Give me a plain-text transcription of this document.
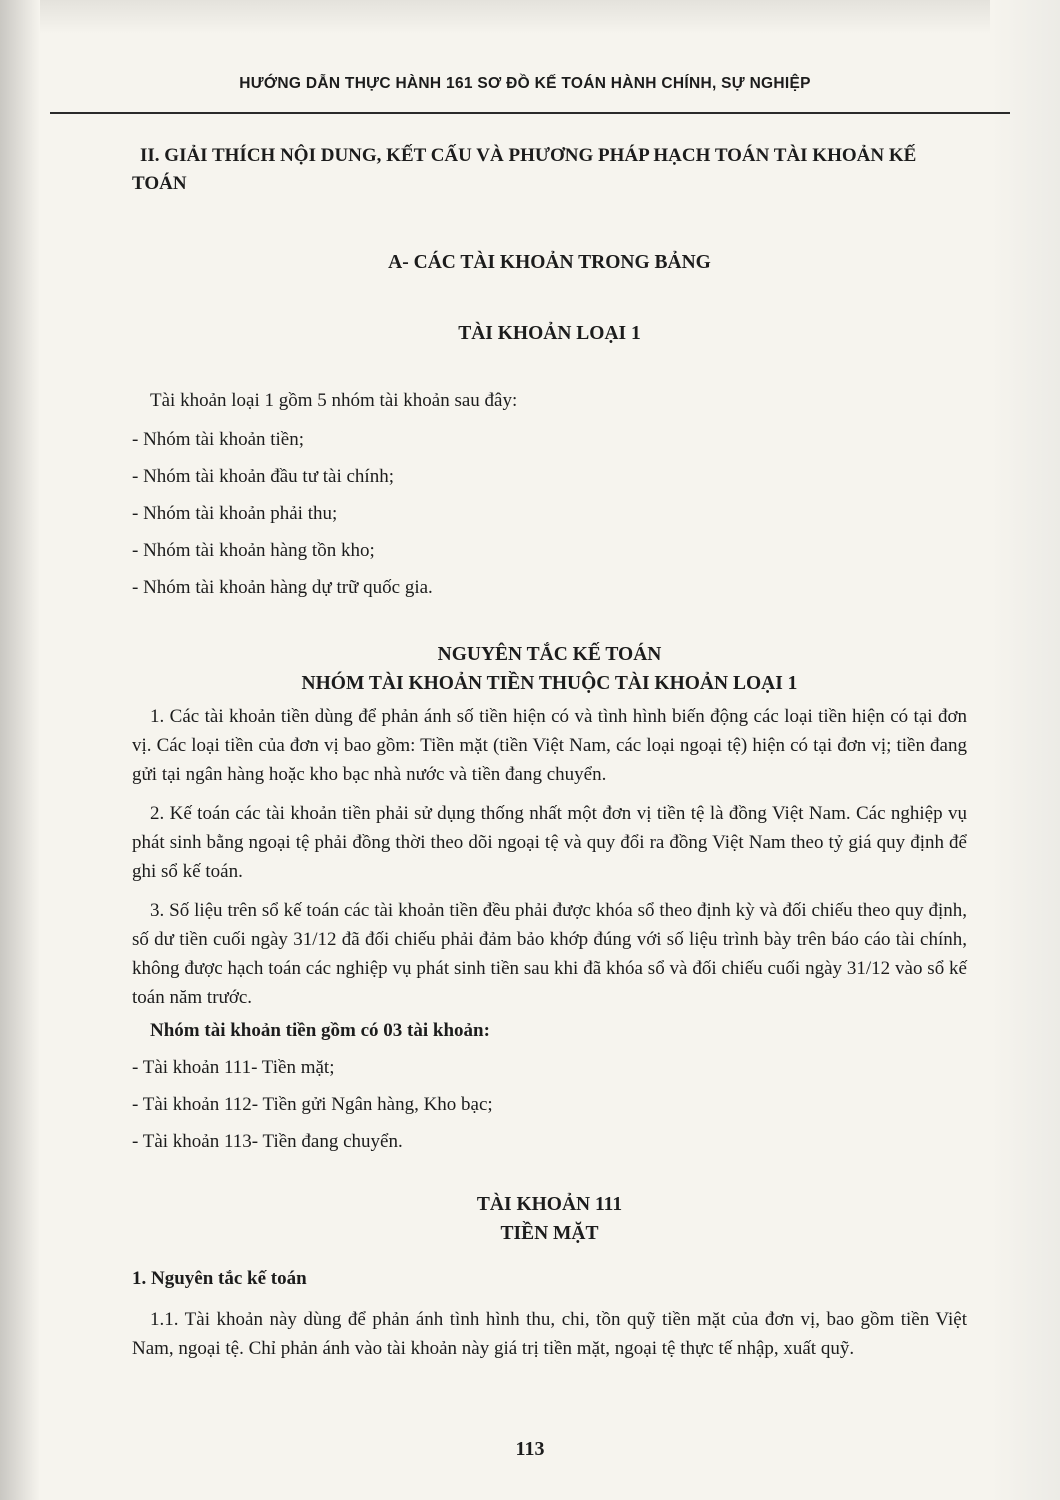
HƯỚNG DẪN THỰC HÀNH 161 SƠ ĐỒ KẾ TOÁN HÀNH CHÍNH, SỰ NGHIỆP

II. GIẢI THÍCH NỘI DUNG, KẾT CẤU VÀ PHƯƠNG PHÁP HẠCH TOÁN TÀI KHOẢN KẾ TOÁN

A- CÁC TÀI KHOẢN TRONG BẢNG

TÀI KHOẢN LOẠI 1

Tài khoản loại 1 gồm 5 nhóm tài khoản sau đây:

- Nhóm tài khoản tiền;

- Nhóm tài khoản đầu tư tài chính;

- Nhóm tài khoản phải thu;

- Nhóm tài khoản hàng tồn kho;

- Nhóm tài khoản hàng dự trữ quốc gia.

NGUYÊN TẮC KẾ TOÁN

NHÓM TÀI KHOẢN TIỀN THUỘC TÀI KHOẢN LOẠI 1

1. Các tài khoản tiền dùng để phản ánh số tiền hiện có và tình hình biến động các loại tiền hiện có tại đơn vị. Các loại tiền của đơn vị bao gồm: Tiền mặt (tiền Việt Nam, các loại ngoại tệ) hiện có tại đơn vị; tiền đang gửi tại ngân hàng hoặc kho bạc nhà nước và tiền đang chuyển.

2. Kế toán các tài khoản tiền phải sử dụng thống nhất một đơn vị tiền tệ là đồng Việt Nam. Các nghiệp vụ phát sinh bằng ngoại tệ phải đồng thời theo dõi ngoại tệ và quy đổi ra đồng Việt Nam theo tỷ giá quy định để ghi sổ kế toán.

3. Số liệu trên sổ kế toán các tài khoản tiền đều phải được khóa sổ theo định kỳ và đối chiếu theo quy định, số dư tiền cuối ngày 31/12 đã đối chiếu phải đảm bảo khớp đúng với số liệu trình bày trên báo cáo tài chính, không được hạch toán các nghiệp vụ phát sinh tiền sau khi đã khóa sổ và đối chiếu cuối ngày 31/12 vào sổ kế toán năm trước.

Nhóm tài khoản tiền gồm có 03 tài khoản:

- Tài khoản 111- Tiền mặt;

- Tài khoản 112- Tiền gửi Ngân hàng, Kho bạc;

- Tài khoản 113- Tiền đang chuyển.

TÀI KHOẢN 111

TIỀN MẶT

1. Nguyên tắc kế toán

1.1. Tài khoản này dùng để phản ánh tình hình thu, chi, tồn quỹ tiền mặt của đơn vị, bao gồm tiền Việt Nam, ngoại tệ. Chỉ phản ánh vào tài khoản này giá trị tiền mặt, ngoại tệ thực tế nhập, xuất quỹ.

113
